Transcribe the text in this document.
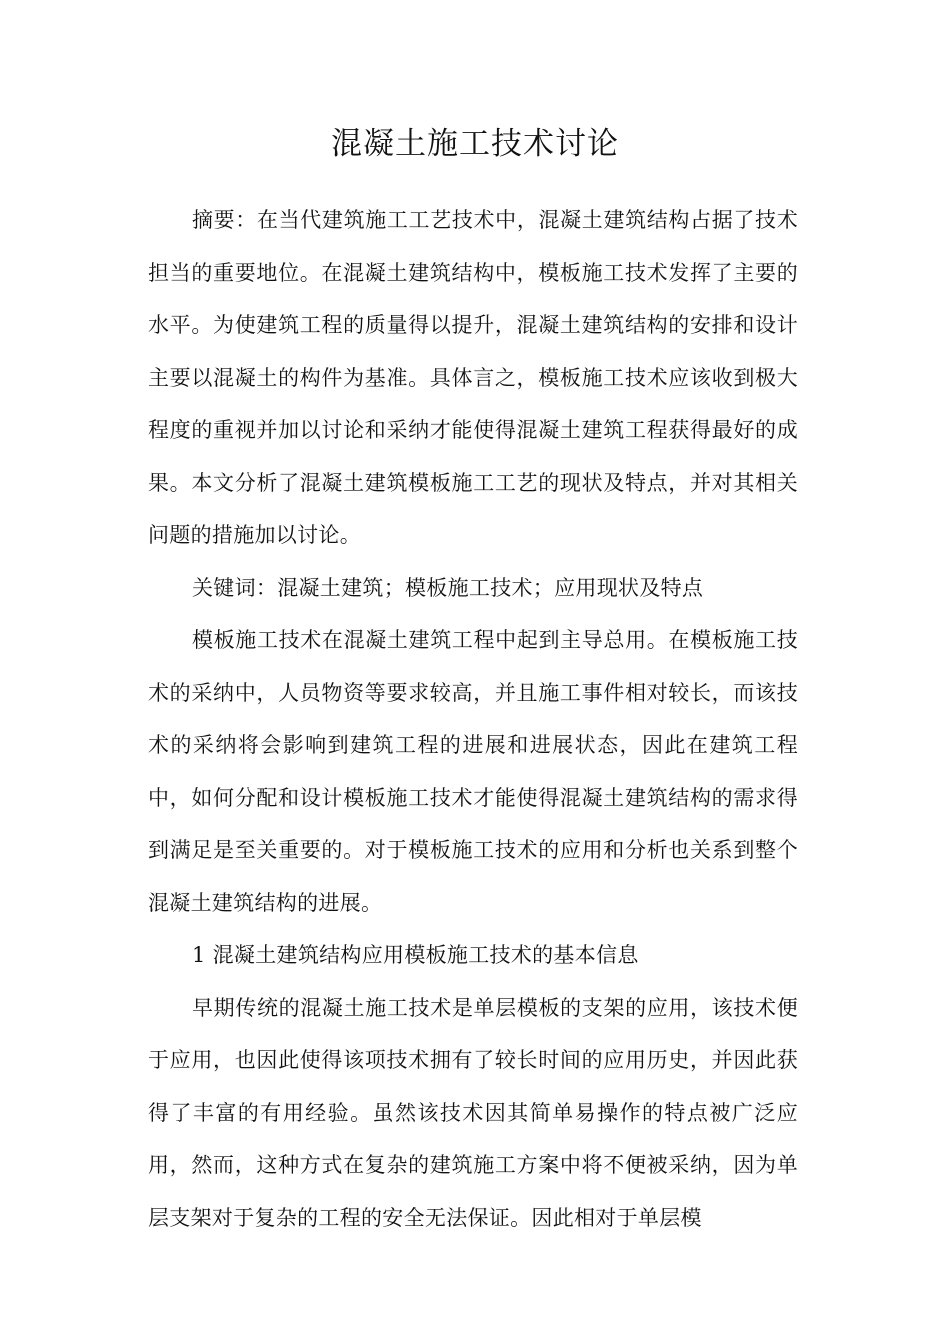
混凝土施工技术讨论

摘要：在当代建筑施工工艺技术中，混凝土建筑结构占据了技术担当的重要地位。在混凝土建筑结构中，模板施工技术发挥了主要的水平。为使建筑工程的质量得以提升，混凝土建筑结构的安排和设计主要以混凝土的构件为基准。具体言之，模板施工技术应该收到极大程度的重视并加以讨论和采纳才能使得混凝土建筑工程获得最好的成果。本文分析了混凝土建筑模板施工工艺的现状及特点，并对其相关问题的措施加以讨论。

关键词：混凝土建筑；模板施工技术；应用现状及特点

模板施工技术在混凝土建筑工程中起到主导总用。在模板施工技术的采纳中，人员物资等要求较高，并且施工事件相对较长，而该技术的采纳将会影响到建筑工程的进展和进展状态，因此在建筑工程中，如何分配和设计模板施工技术才能使得混凝土建筑结构的需求得到满足是至关重要的。对于模板施工技术的应用和分析也关系到整个混凝土建筑结构的进展。

1 混凝土建筑结构应用模板施工技术的基本信息

早期传统的混凝土施工技术是单层模板的支架的应用，该技术便于应用，也因此使得该项技术拥有了较长时间的应用历史，并因此获得了丰富的有用经验。虽然该技术因其简单易操作的特点被广泛应用，然而，这种方式在复杂的建筑施工方案中将不便被采纳，因为单层支架对于复杂的工程的安全无法保证。因此相对于单层模
